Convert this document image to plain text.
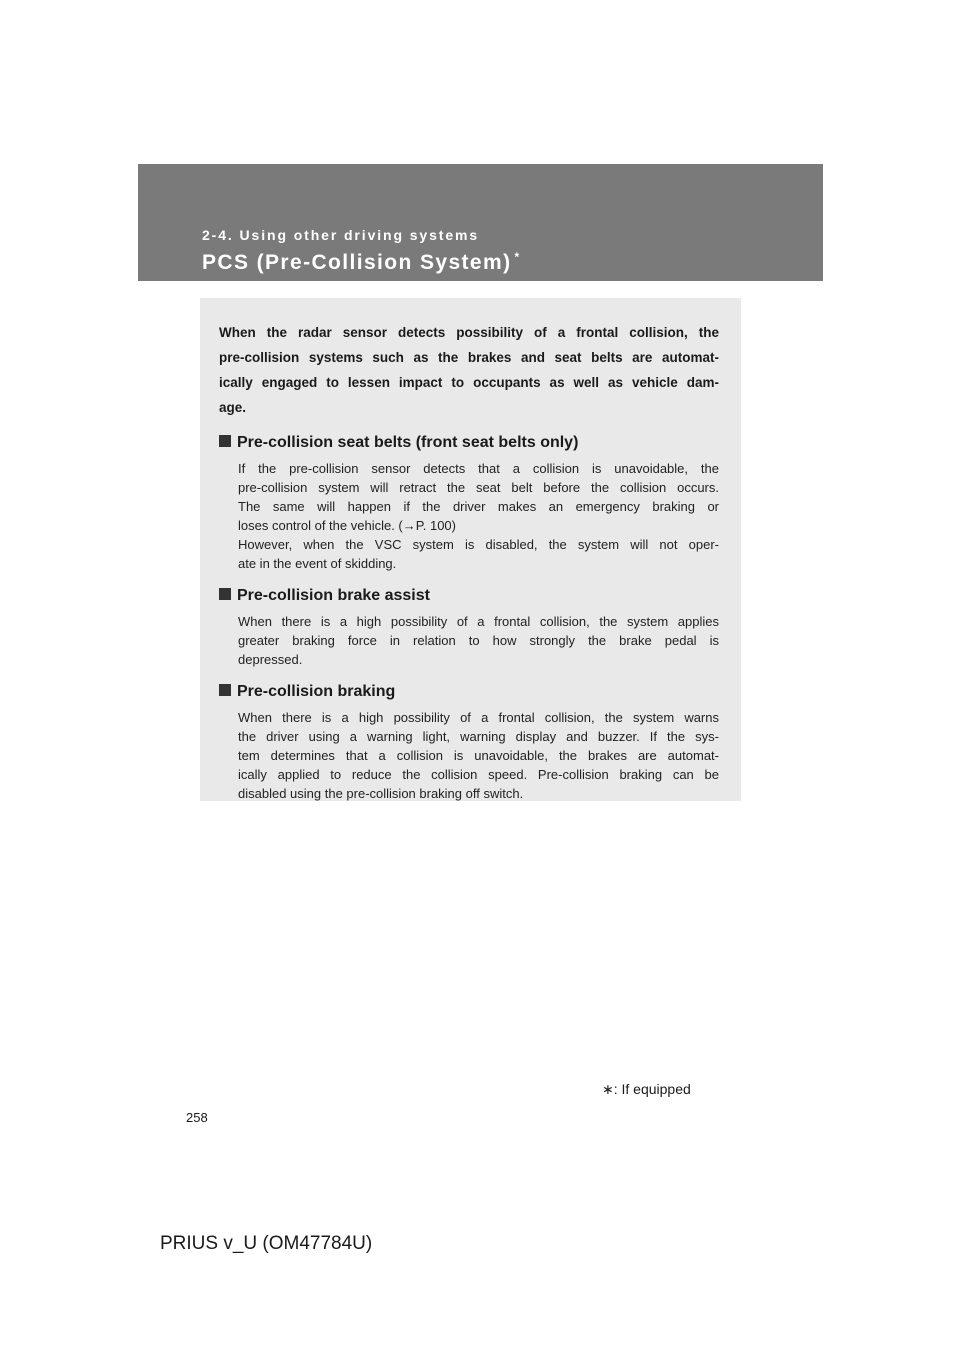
2-4. Using other driving systems
PCS (Pre-Collision System) *

When the radar sensor detects possibility of a frontal collision, the
pre-collision systems such as the brakes and seat belts are automat-
ically engaged to lessen impact to occupants as well as vehicle dam-
age.

Pre-collision seat belts (front seat belts only)
If the pre-collision sensor detects that a collision is unavoidable, the
pre-collision system will retract the seat belt before the collision occurs.
The same will happen if the driver makes an emergency braking or
loses control of the vehicle. (→P. 100)
However, when the VSC system is disabled, the system will not oper-
ate in the event of skidding.
Pre-collision brake assist
When there is a high possibility of a frontal collision, the system applies
greater braking force in relation to how strongly the brake pedal is
depressed.
Pre-collision braking
When there is a high possibility of a frontal collision, the system warns
the driver using a warning light, warning display and buzzer. If the sys-
tem determines that a collision is unavoidable, the brakes are automat-
ically applied to reduce the collision speed. Pre-collision braking can be
disabled using the pre-collision braking off switch.
∗: If equipped
258
PRIUS v_U (OM47784U)
